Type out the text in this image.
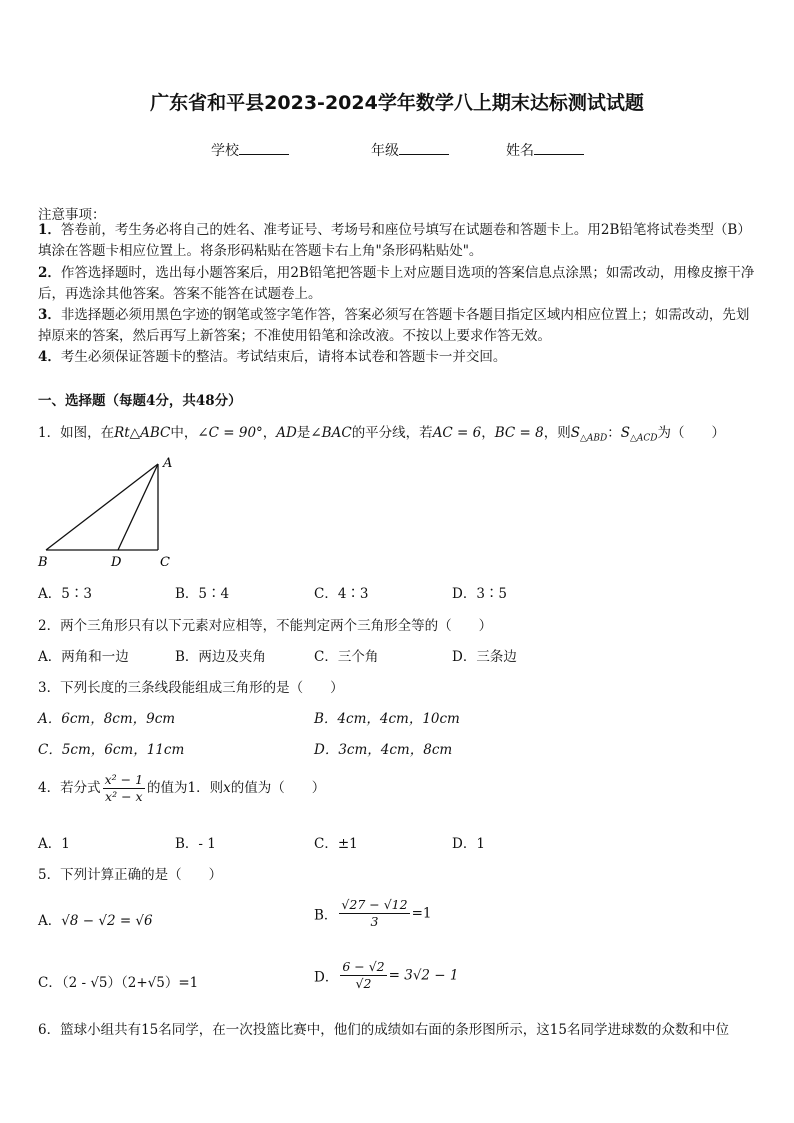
广东省和平县2023-2024学年数学八上期末达标测试试题
学校	年级	姓名
注意事项：
1．答卷前，考生务必将自己的姓名、准考证号、考场号和座位号填写在试题卷和答题卡上。用2B铅笔将试卷类型（B）填涂在答题卡相应位置上。将条形码粘贴在答题卡右上角"条形码粘贴处"。
2．作答选择题时，选出每小题答案后，用2B铅笔把答题卡上对应题目选项的答案信息点涂黑；如需改动，用橡皮擦干净后，再选涂其他答案。答案不能答在试题卷上。
3．非选择题必须用黑色字迹的钢笔或签字笔作答，答案必须写在答题卡各题目指定区域内相应位置上；如需改动，先划掉原来的答案，然后再写上新答案；不准使用铅笔和涂改液。不按以上要求作答无效。
4．考生必须保证答题卡的整洁。考试结束后，请将本试卷和答题卡一并交回。
一、选择题（每题4分，共48分）
1．如图，在Rt△ABC中，∠C = 90°，AD是∠BAC的平分线，若AC = 6，BC = 8，则$S_{\triangle ABD}$：$S_{\triangle ACD}$为（　　）
A
B	D	C
A．5∶3	B．5∶4	C．4∶3	D．3∶5
2．两个三角形只有以下元素对应相等，不能判定两个三角形全等的（　　）
A．两角和一边	B．两边及夹角	C．三个角	D．三条边
3．下列长度的三条线段能组成三角形的是（　　）
A．6cm，8cm，9cm	B．4cm，4cm，10cm
C．5cm，6cm，11cm	D．3cm，4cm，8cm
4．若分式 $\frac{\text{x² − 1}}{\text{x² − x}}$ 的值为1．则x的值为（　　）
A．1	B．- 1	C．±1	D．1
5．下列计算正确的是（　　）
A．√8 − √2 = √6	B． $\frac{√27 - √12}{3} =1$
C．（2 - √5）（2+√5）=1	D． $\frac{6 - √2}{√2} = 3√2 - 1$
6．篮球小组共有15名同学，在一次投篮比赛中，他们的成绩如右面的条形图所示，这15名同学进球数的众数和中位
